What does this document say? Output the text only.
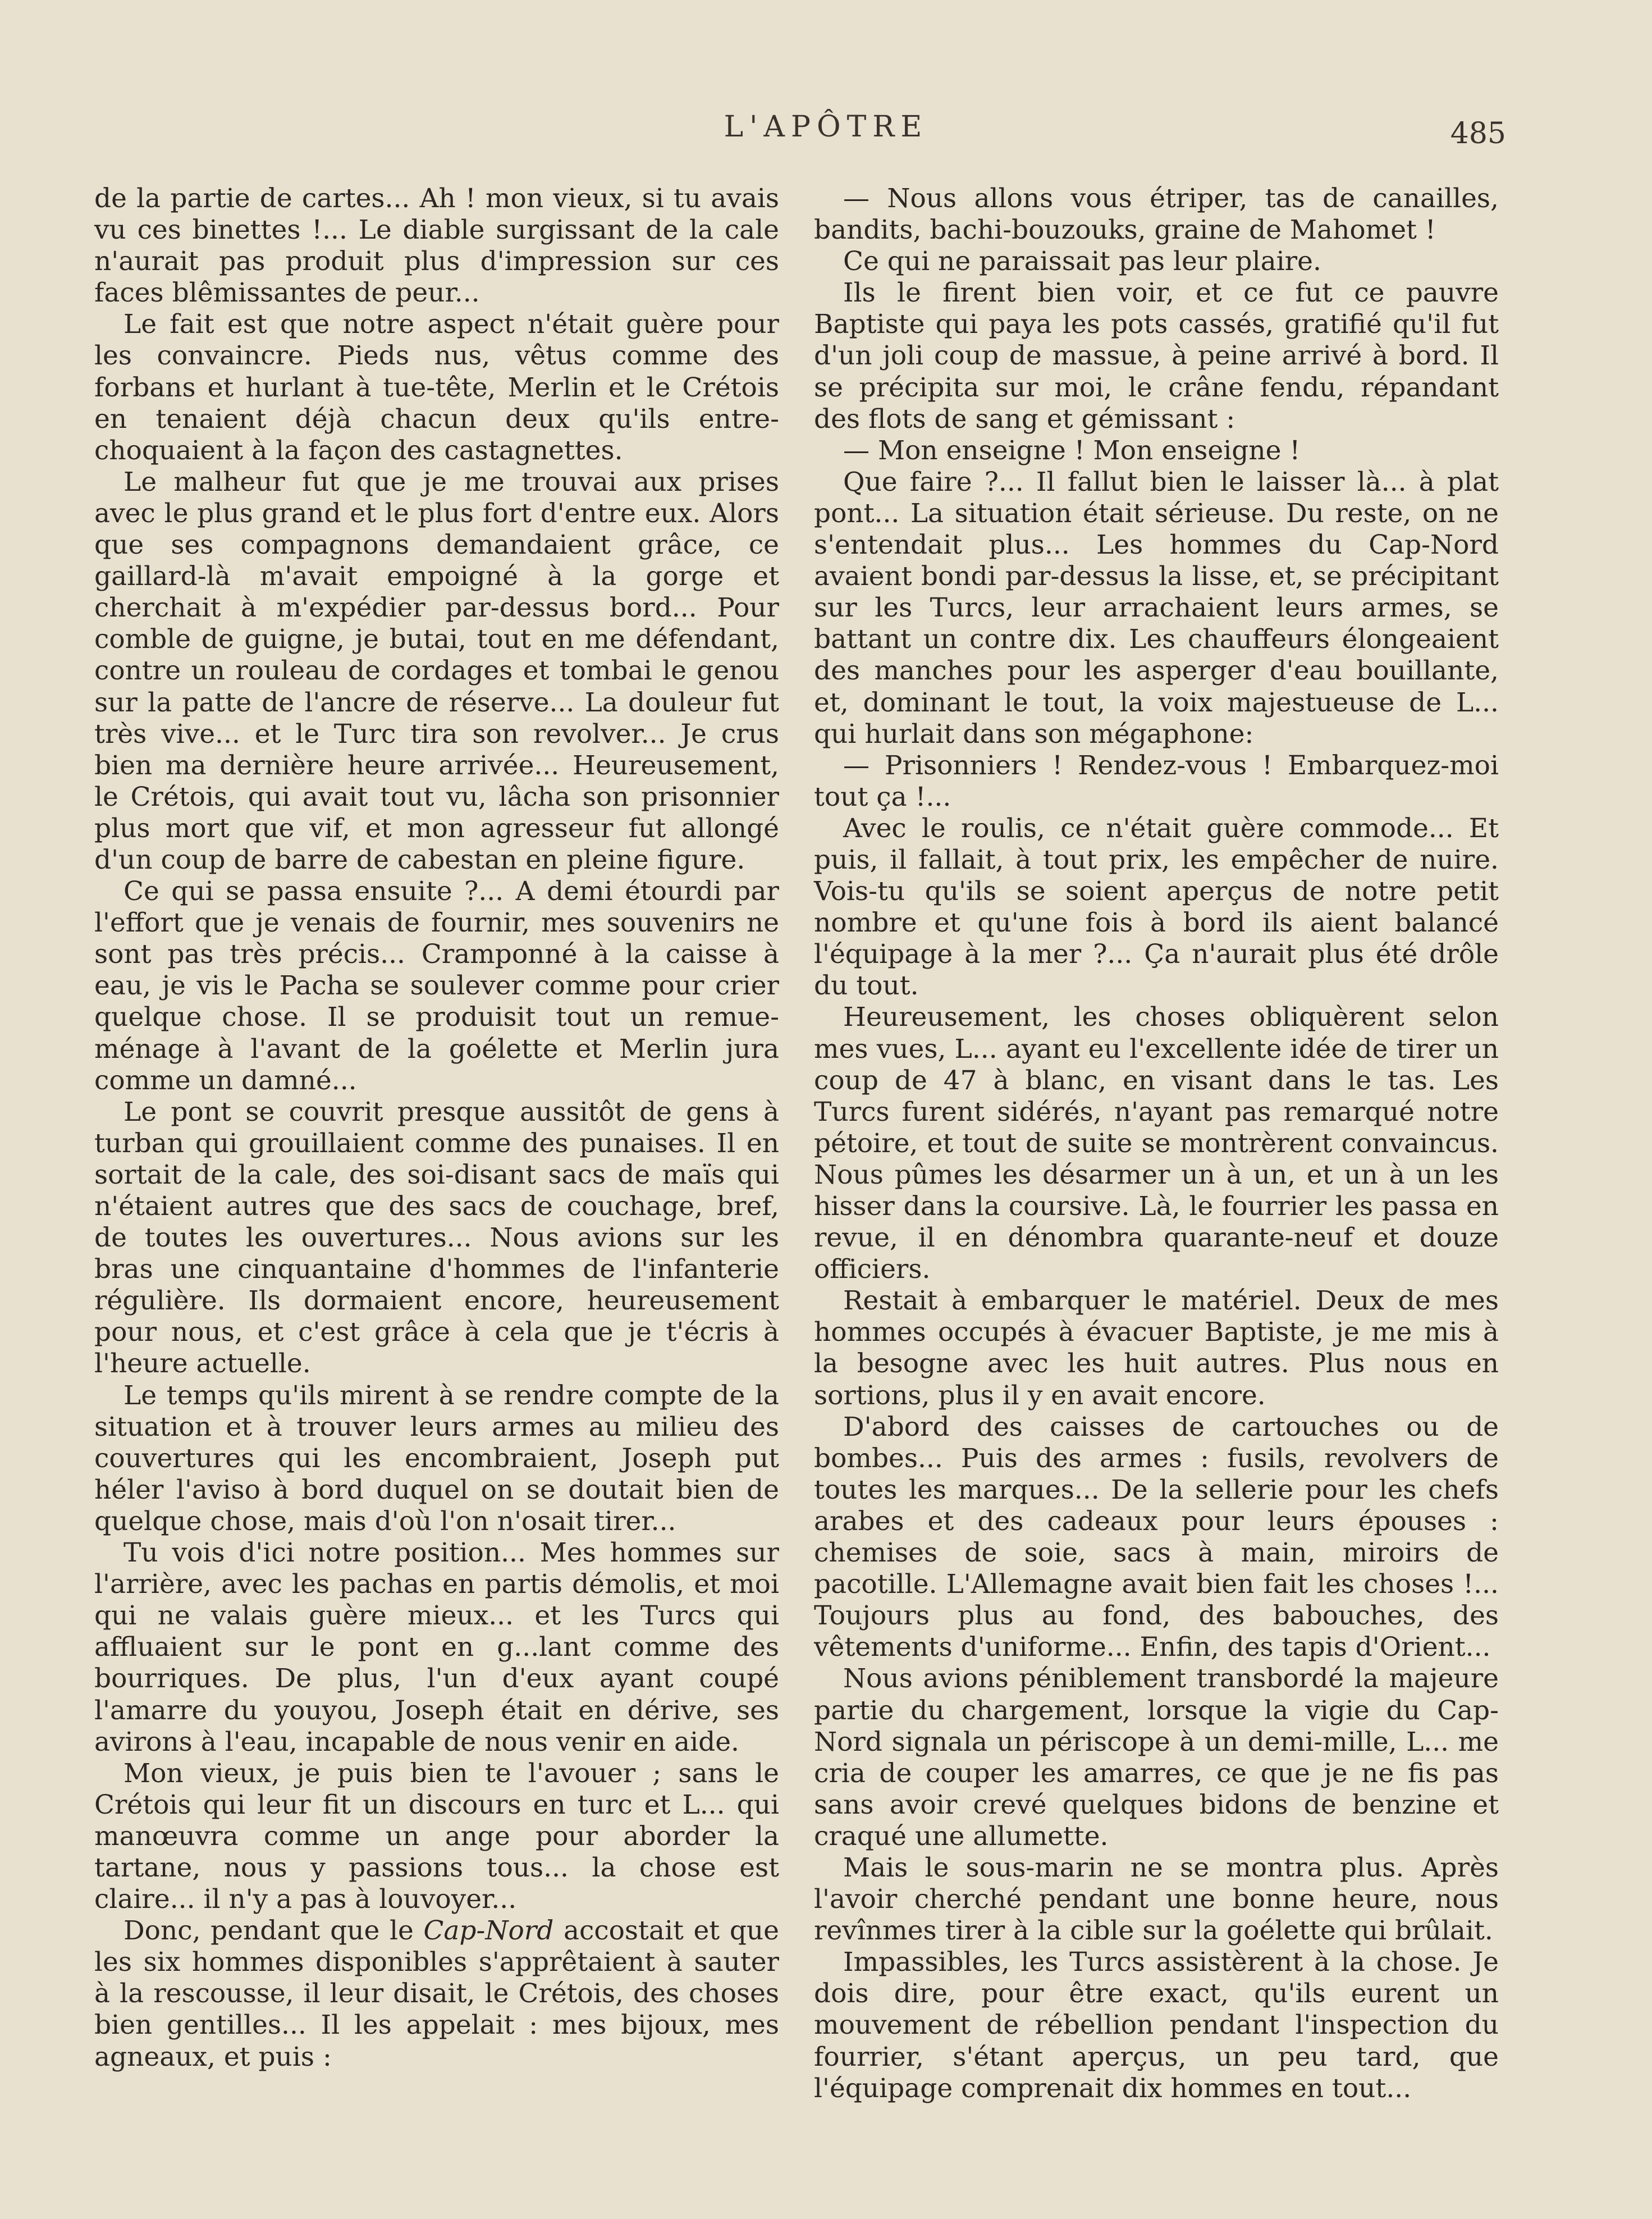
L'APÔTRE	485

de la partie de cartes... Ah ! mon vieux, si tu avais vu ces binettes !... Le diable surgissant de la cale n'aurait pas produit plus d'impression sur ces faces blêmissantes de peur...

Le fait est que notre aspect n'était guère pour les convaincre. Pieds nus, vêtus comme des forbans et hurlant à tue-tête, Merlin et le Crétois en tenaient déjà chacun deux qu'ils entre-choquaient à la façon des castagnettes.

Le malheur fut que je me trouvai aux prises avec le plus grand et le plus fort d'entre eux. Alors que ses compagnons demandaient grâce, ce gaillard-là m'avait empoigné à la gorge et cherchait à m'expédier par-dessus bord... Pour comble de guigne, je butai, tout en me défendant, contre un rouleau de cordages et tombai le genou sur la patte de l'ancre de réserve... La douleur fut très vive... et le Turc tira son revolver... Je crus bien ma dernière heure arrivée... Heureusement, le Crétois, qui avait tout vu, lâcha son prisonnier plus mort que vif, et mon agresseur fut allongé d'un coup de barre de cabestan en pleine figure.

Ce qui se passa ensuite ?... A demi étourdi par l'effort que je venais de fournir, mes souvenirs ne sont pas très précis... Cramponné à la caisse à eau, je vis le Pacha se soulever comme pour crier quelque chose. Il se produisit tout un remue-ménage à l'avant de la goélette et Merlin jura comme un damné...

Le pont se couvrit presque aussitôt de gens à turban qui grouillaient comme des punaises. Il en sortait de la cale, des soi-disant sacs de maïs qui n'étaient autres que des sacs de couchage, bref, de toutes les ouvertures... Nous avions sur les bras une cinquantaine d'hommes de l'infanterie régulière. Ils dormaient encore, heureusement pour nous, et c'est grâce à cela que je t'écris à l'heure actuelle.

Le temps qu'ils mirent à se rendre compte de la situation et à trouver leurs armes au milieu des couvertures qui les encombraient, Joseph put héler l'aviso à bord duquel on se doutait bien de quelque chose, mais d'où l'on n'osait tirer...

Tu vois d'ici notre position... Mes hommes sur l'arrière, avec les pachas en partis démolis, et moi qui ne valais guère mieux... et les Turcs qui affluaient sur le pont en g...lant comme des bourriques. De plus, l'un d'eux ayant coupé l'amarre du youyou, Joseph était en dérive, ses avirons à l'eau, incapable de nous venir en aide.

Mon vieux, je puis bien te l'avouer ; sans le Crétois qui leur fit un discours en turc et L... qui manœuvra comme un ange pour aborder la tartane, nous y passions tous... la chose est claire... il n'y a pas à louvoyer...

Donc, pendant que le Cap-Nord accostait et que les six hommes disponibles s'apprêtaient à sauter à la rescousse, il leur disait, le Crétois, des choses bien gentilles... Il les appelait : mes bijoux, mes agneaux, et puis :

— Nous allons vous étriper, tas de canailles, bandits, bachi-bouzouks, graine de Mahomet !

Ce qui ne paraissait pas leur plaire.

Ils le firent bien voir, et ce fut ce pauvre Baptiste qui paya les pots cassés, gratifié qu'il fut d'un joli coup de massue, à peine arrivé à bord. Il se précipita sur moi, le crâne fendu, répandant des flots de sang et gémissant :

— Mon enseigne ! Mon enseigne !

Que faire ?... Il fallut bien le laisser là... à plat pont... La situation était sérieuse. Du reste, on ne s'entendait plus... Les hommes du Cap-Nord avaient bondi par-dessus la lisse, et, se précipitant sur les Turcs, leur arrachaient leurs armes, se battant un contre dix. Les chauffeurs élongeaient des manches pour les asperger d'eau bouillante, et, dominant le tout, la voix majestueuse de L... qui hurlait dans son mégaphone:

— Prisonniers ! Rendez-vous ! Embarquez-moi tout ça !...

Avec le roulis, ce n'était guère commode... Et puis, il fallait, à tout prix, les empêcher de nuire. Vois-tu qu'ils se soient aperçus de notre petit nombre et qu'une fois à bord ils aient balancé l'équipage à la mer ?... Ça n'aurait plus été drôle du tout.

Heureusement, les choses obliquèrent selon mes vues, L... ayant eu l'excellente idée de tirer un coup de 47 à blanc, en visant dans le tas. Les Turcs furent sidérés, n'ayant pas remarqué notre pétoire, et tout de suite se montrèrent convaincus. Nous pûmes les désarmer un à un, et un à un les hisser dans la coursive. Là, le fourrier les passa en revue, il en dénombra quarante-neuf et douze officiers.

Restait à embarquer le matériel. Deux de mes hommes occupés à évacuer Baptiste, je me mis à la besogne avec les huit autres. Plus nous en sortions, plus il y en avait encore.

D'abord des caisses de cartouches ou de bombes... Puis des armes : fusils, revolvers de toutes les marques... De la sellerie pour les chefs arabes et des cadeaux pour leurs épouses : chemises de soie, sacs à main, miroirs de pacotille. L'Allemagne avait bien fait les choses !... Toujours plus au fond, des babouches, des vêtements d'uniforme... Enfin, des tapis d'Orient...

Nous avions péniblement transbordé la majeure partie du chargement, lorsque la vigie du Cap-Nord signala un périscope à un demi-mille, L... me cria de couper les amarres, ce que je ne fis pas sans avoir crevé quelques bidons de benzine et craqué une allumette.

Mais le sous-marin ne se montra plus. Après l'avoir cherché pendant une bonne heure, nous revînmes tirer à la cible sur la goélette qui brûlait.

Impassibles, les Turcs assistèrent à la chose. Je dois dire, pour être exact, qu'ils eurent un mouvement de rébellion pendant l'inspection du fourrier, s'étant aperçus, un peu tard, que l'équipage comprenait dix hommes en tout...
